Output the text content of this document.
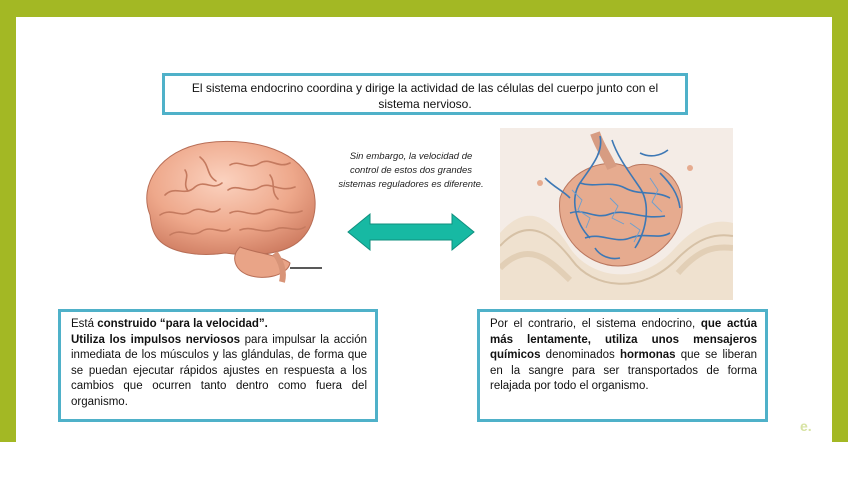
El sistema endocrino coordina y dirige la actividad de las células del cuerpo junto con el sistema nervioso.
Sin embargo, la velocidad de control de estos dos grandes sistemas reguladores es diferente.

Está construido “para la velocidad”.

Utiliza los impulsos nerviosos para impulsar la acción inmediata de los músculos y las glándulas, de forma que se puedan ejecutar rápidos ajustes en respuesta a los cambios que ocurren tanto dentro como fuera del organismo.

Por el contrario, el sistema endocrino, que actúa más lentamente, utiliza unos mensajeros químicos denominados hormonas que se liberan en la sangre para ser transportados de forma relajada por todo el organismo.

e.
